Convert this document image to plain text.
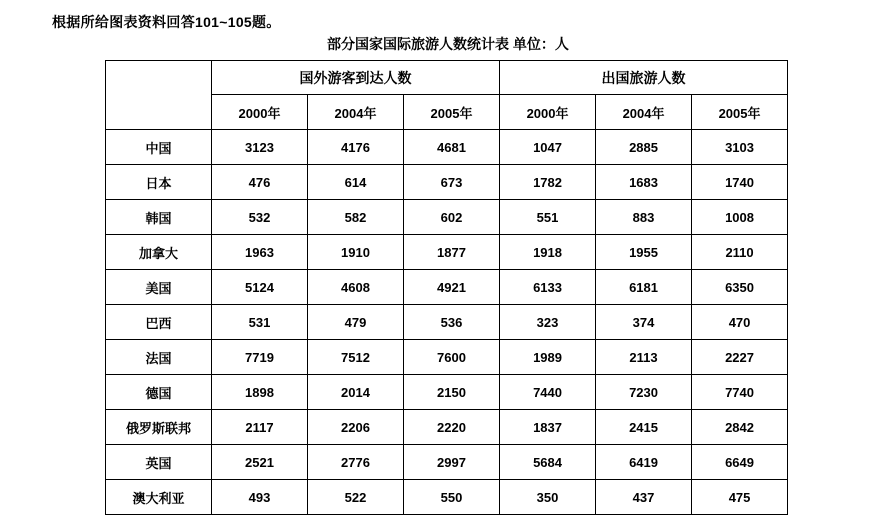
根据所给图表资料回答101~105题。
部分国家国际旅游人数统计表 单位：人
	国外游客到达人数			出国旅游人数		
	2000年	2004年	2005年	2000年	2004年	2005年
中国	3123	4176	4681	1047	2885	3103
日本	476	614	673	1782	1683	1740
韩国	532	582	602	551	883	1008
加拿大	1963	1910	1877	1918	1955	2110
美国	5124	4608	4921	6133	6181	6350
巴西	531	479	536	323	374	470
法国	7719	7512	7600	1989	2113	2227
德国	1898	2014	2150	7440	7230	7740
俄罗斯联邦	2117	2206	2220	1837	2415	2842
英国	2521	2776	2997	5684	6419	6649
澳大利亚	493	522	550	350	437	475
